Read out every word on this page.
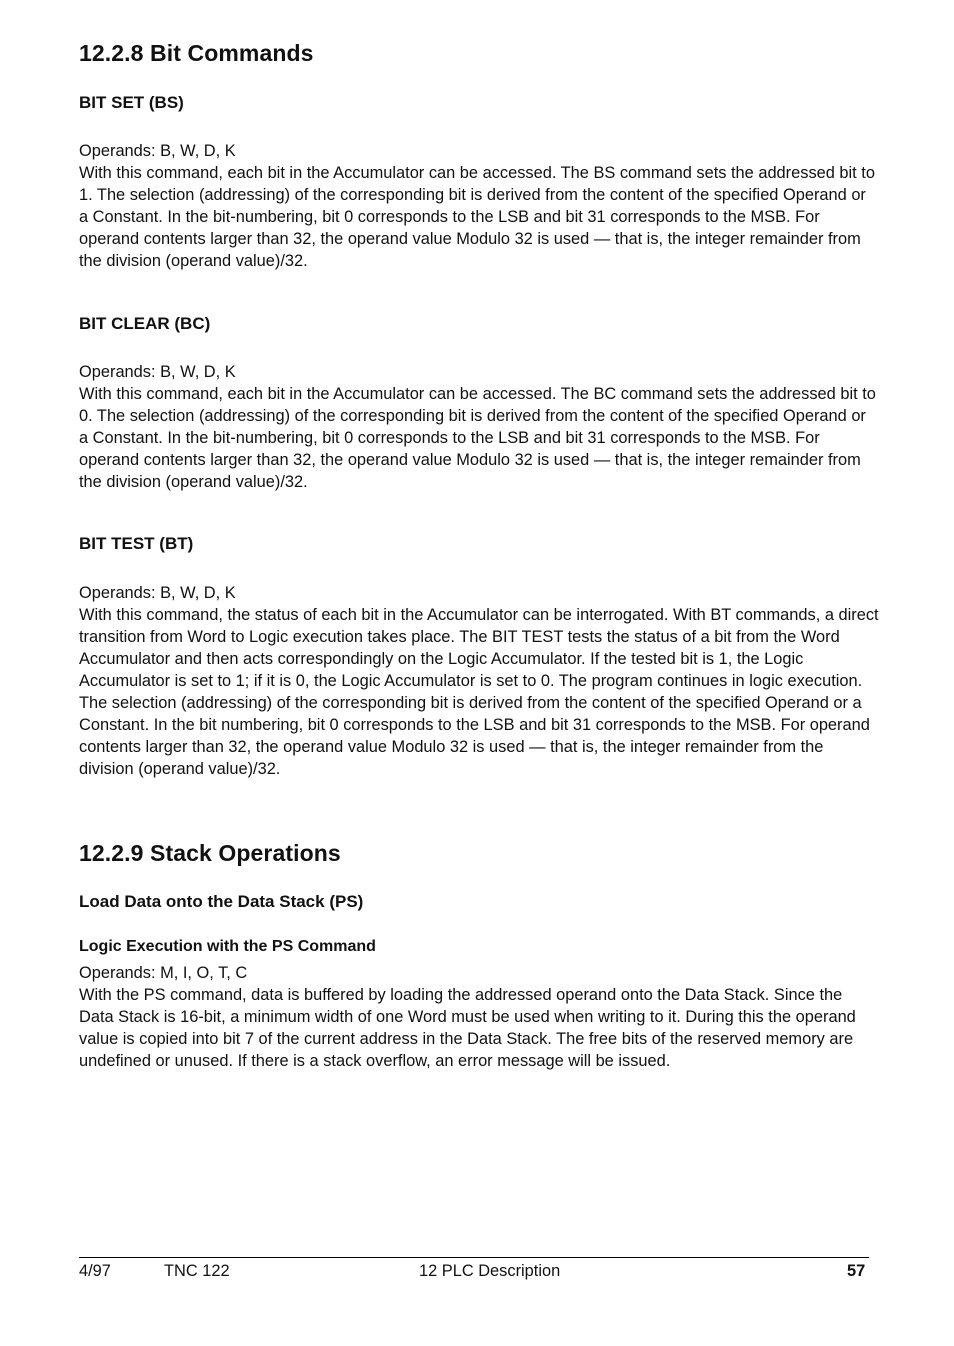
12.2.8 Bit Commands
BIT SET (BS)

Operands: B, W, D, K

With this command, each bit in the Accumulator can be accessed. The BS command sets the addressed bit to 1. The selection (addressing) of the corresponding bit is derived from the content of the specified Operand or a Constant. In the bit-numbering, bit 0 corresponds to the LSB and bit 31 corresponds to the MSB. For operand contents larger than 32, the operand value Modulo 32 is used — that is, the integer remainder from the division (operand value)/32.

BIT CLEAR (BC)

Operands: B, W, D, K

With this command, each bit in the Accumulator can be accessed. The BC command sets the addressed bit to 0. The selection (addressing) of the corresponding bit is derived from the content of the specified Operand or a Constant. In the bit-numbering, bit 0 corresponds to the LSB and bit 31 corresponds to the MSB. For operand contents larger than 32, the operand value Modulo 32 is used — that is, the integer remainder from the division (operand value)/32.

BIT TEST (BT)

Operands: B, W, D, K

With this command, the status of each bit in the Accumulator can be interrogated. With BT commands, a direct transition from Word to Logic execution takes place. The BIT TEST tests the status of a bit from the Word Accumulator and then acts correspondingly on the Logic Accumulator. If the tested bit is 1, the Logic Accumulator is set to 1; if it is 0, the Logic Accumulator is set to 0. The program continues in logic execution. The selection (addressing) of the corresponding bit is derived from the content of the specified Operand or a Constant. In the bit numbering, bit 0 corresponds to the LSB and bit 31 corresponds to the MSB. For operand contents larger than 32, the operand value Modulo 32 is used — that is, the integer remainder from the division (operand value)/32.

12.2.9 Stack Operations
Load Data onto the Data Stack (PS)
Logic Execution with the PS Command

Operands: M, I, O, T, C

With the PS command, data is buffered by loading the addressed operand onto the Data Stack. Since the Data Stack is 16-bit, a minimum width of one Word must be used when writing to it. During this the operand value is copied into bit 7 of the current address in the Data Stack. The free bits of the reserved memory are undefined or unused. If there is a stack overflow, an error message will be issued.

4/97	TNC 122	12 PLC Description	57
